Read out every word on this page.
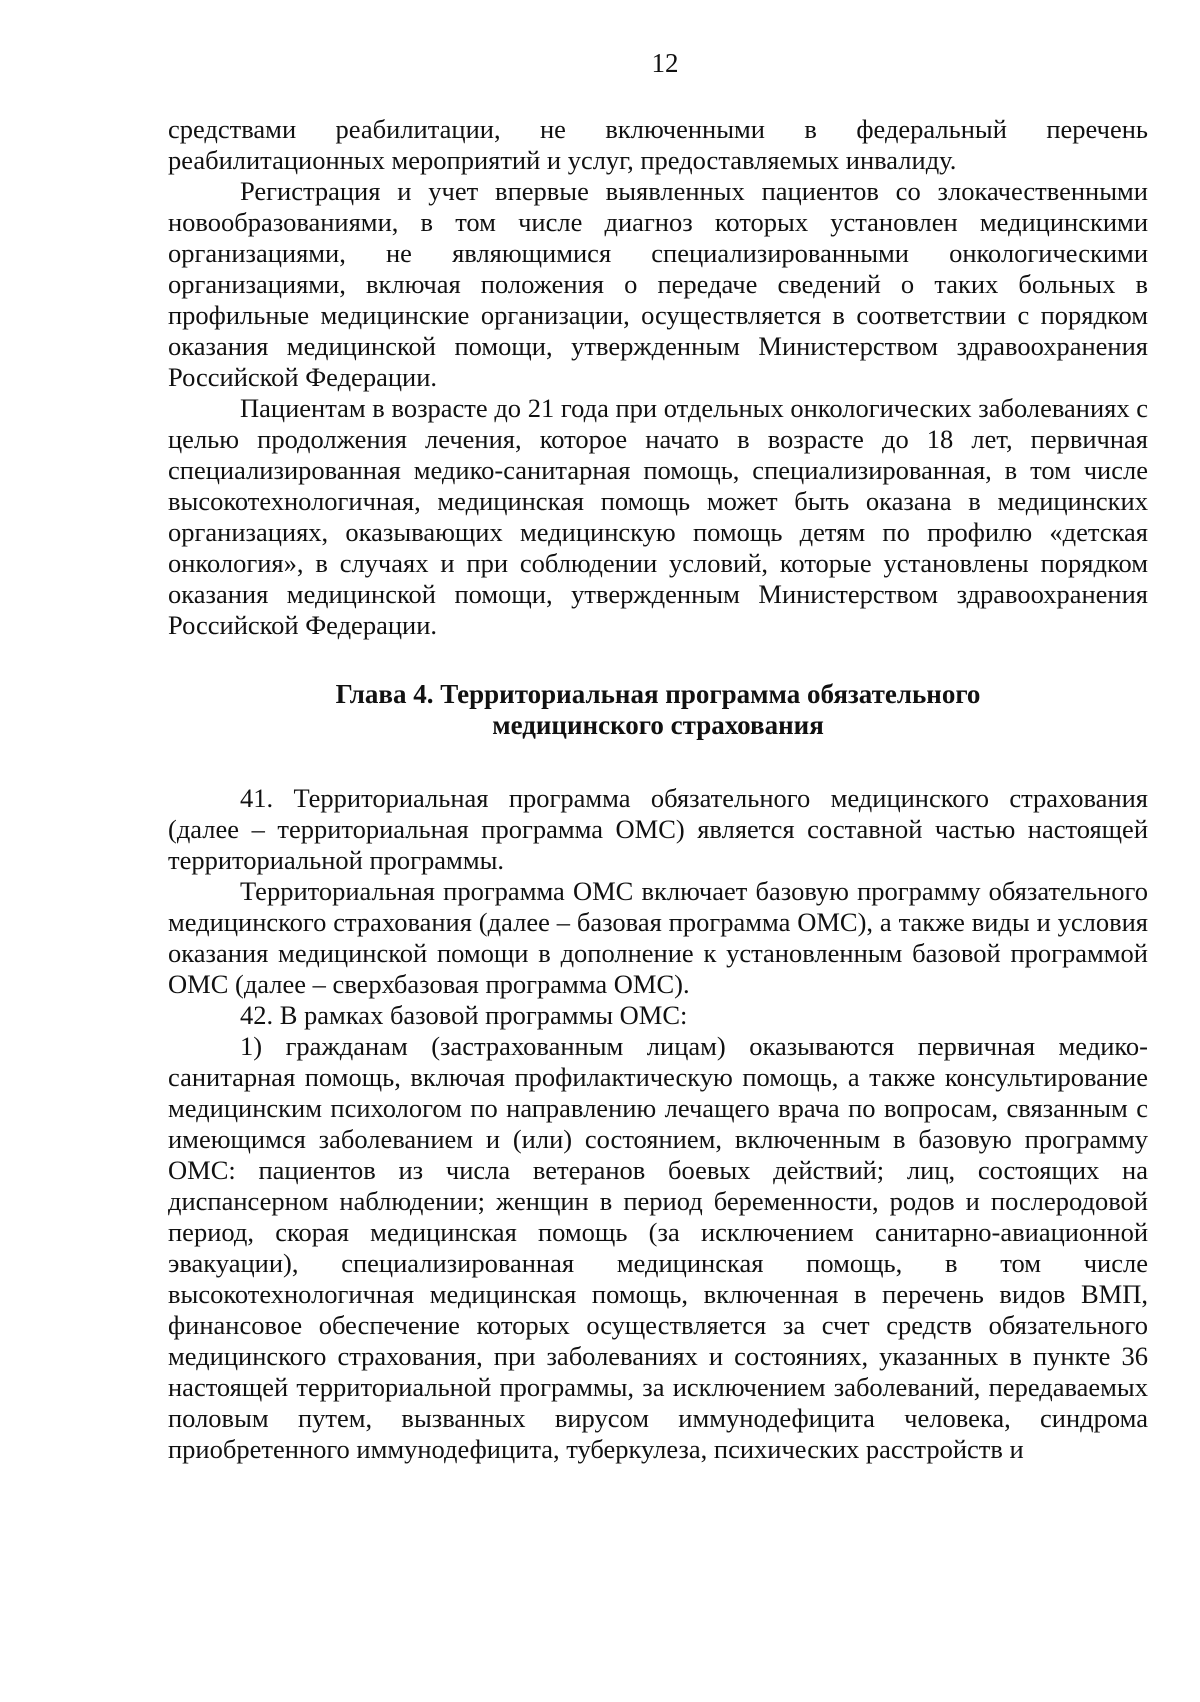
12

средствами реабилитации, не включенными в федеральный перечень реабилитационных мероприятий и услуг, предоставляемых инвалиду.

Регистрация и учет впервые выявленных пациентов со злокачественными новообразованиями, в том числе диагноз которых установлен медицинскими организациями, не являющимися специализированными онкологическими организациями, включая положения о передаче сведений о таких больных в профильные медицинские организации, осуществляется в соответствии с порядком оказания медицинской помощи, утвержденным Министерством здравоохранения Российской Федерации.

Пациентам в возрасте до 21 года при отдельных онкологических заболеваниях с целью продолжения лечения, которое начато в возрасте до 18 лет, первичная специализированная медико-санитарная помощь, специализированная, в том числе высокотехнологичная, медицинская помощь может быть оказана в медицинских организациях, оказывающих медицинскую помощь детям по профилю «детская онкология», в случаях и при соблюдении условий, которые установлены порядком оказания медицинской помощи, утвержденным Министерством здравоохранения Российской Федерации.

Глава 4. Территориальная программа обязательного
медицинского страхования

41. Территориальная программа обязательного медицинского страхования (далее – территориальная программа ОМС) является составной частью настоящей территориальной программы.

Территориальная программа ОМС включает базовую программу обязательного медицинского страхования (далее – базовая программа ОМС), а также виды и условия оказания медицинской помощи в дополнение к установленным базовой программой ОМС (далее – сверхбазовая программа ОМС).

42. В рамках базовой программы ОМС:

1) гражданам (застрахованным лицам) оказываются первичная медико-санитарная помощь, включая профилактическую помощь, а также консультирование медицинским психологом по направлению лечащего врача по вопросам, связанным с имеющимся заболеванием и (или) состоянием, включенным в базовую программу ОМС: пациентов из числа ветеранов боевых действий; лиц, состоящих на диспансерном наблюдении; женщин в период беременности, родов и послеродовой период, скорая медицинская помощь (за исключением санитарно-авиационной эвакуации), специализированная медицинская помощь, в том числе высокотехнологичная медицинская помощь, включенная в перечень видов ВМП, финансовое обеспечение которых осуществляется за счет средств обязательного медицинского страхования, при заболеваниях и состояниях, указанных в пункте 36 настоящей территориальной программы, за исключением заболеваний, передаваемых половым путем, вызванных вирусом иммунодефицита человека, синдрома приобретенного иммунодефицита, туберкулеза, психических расстройств и
